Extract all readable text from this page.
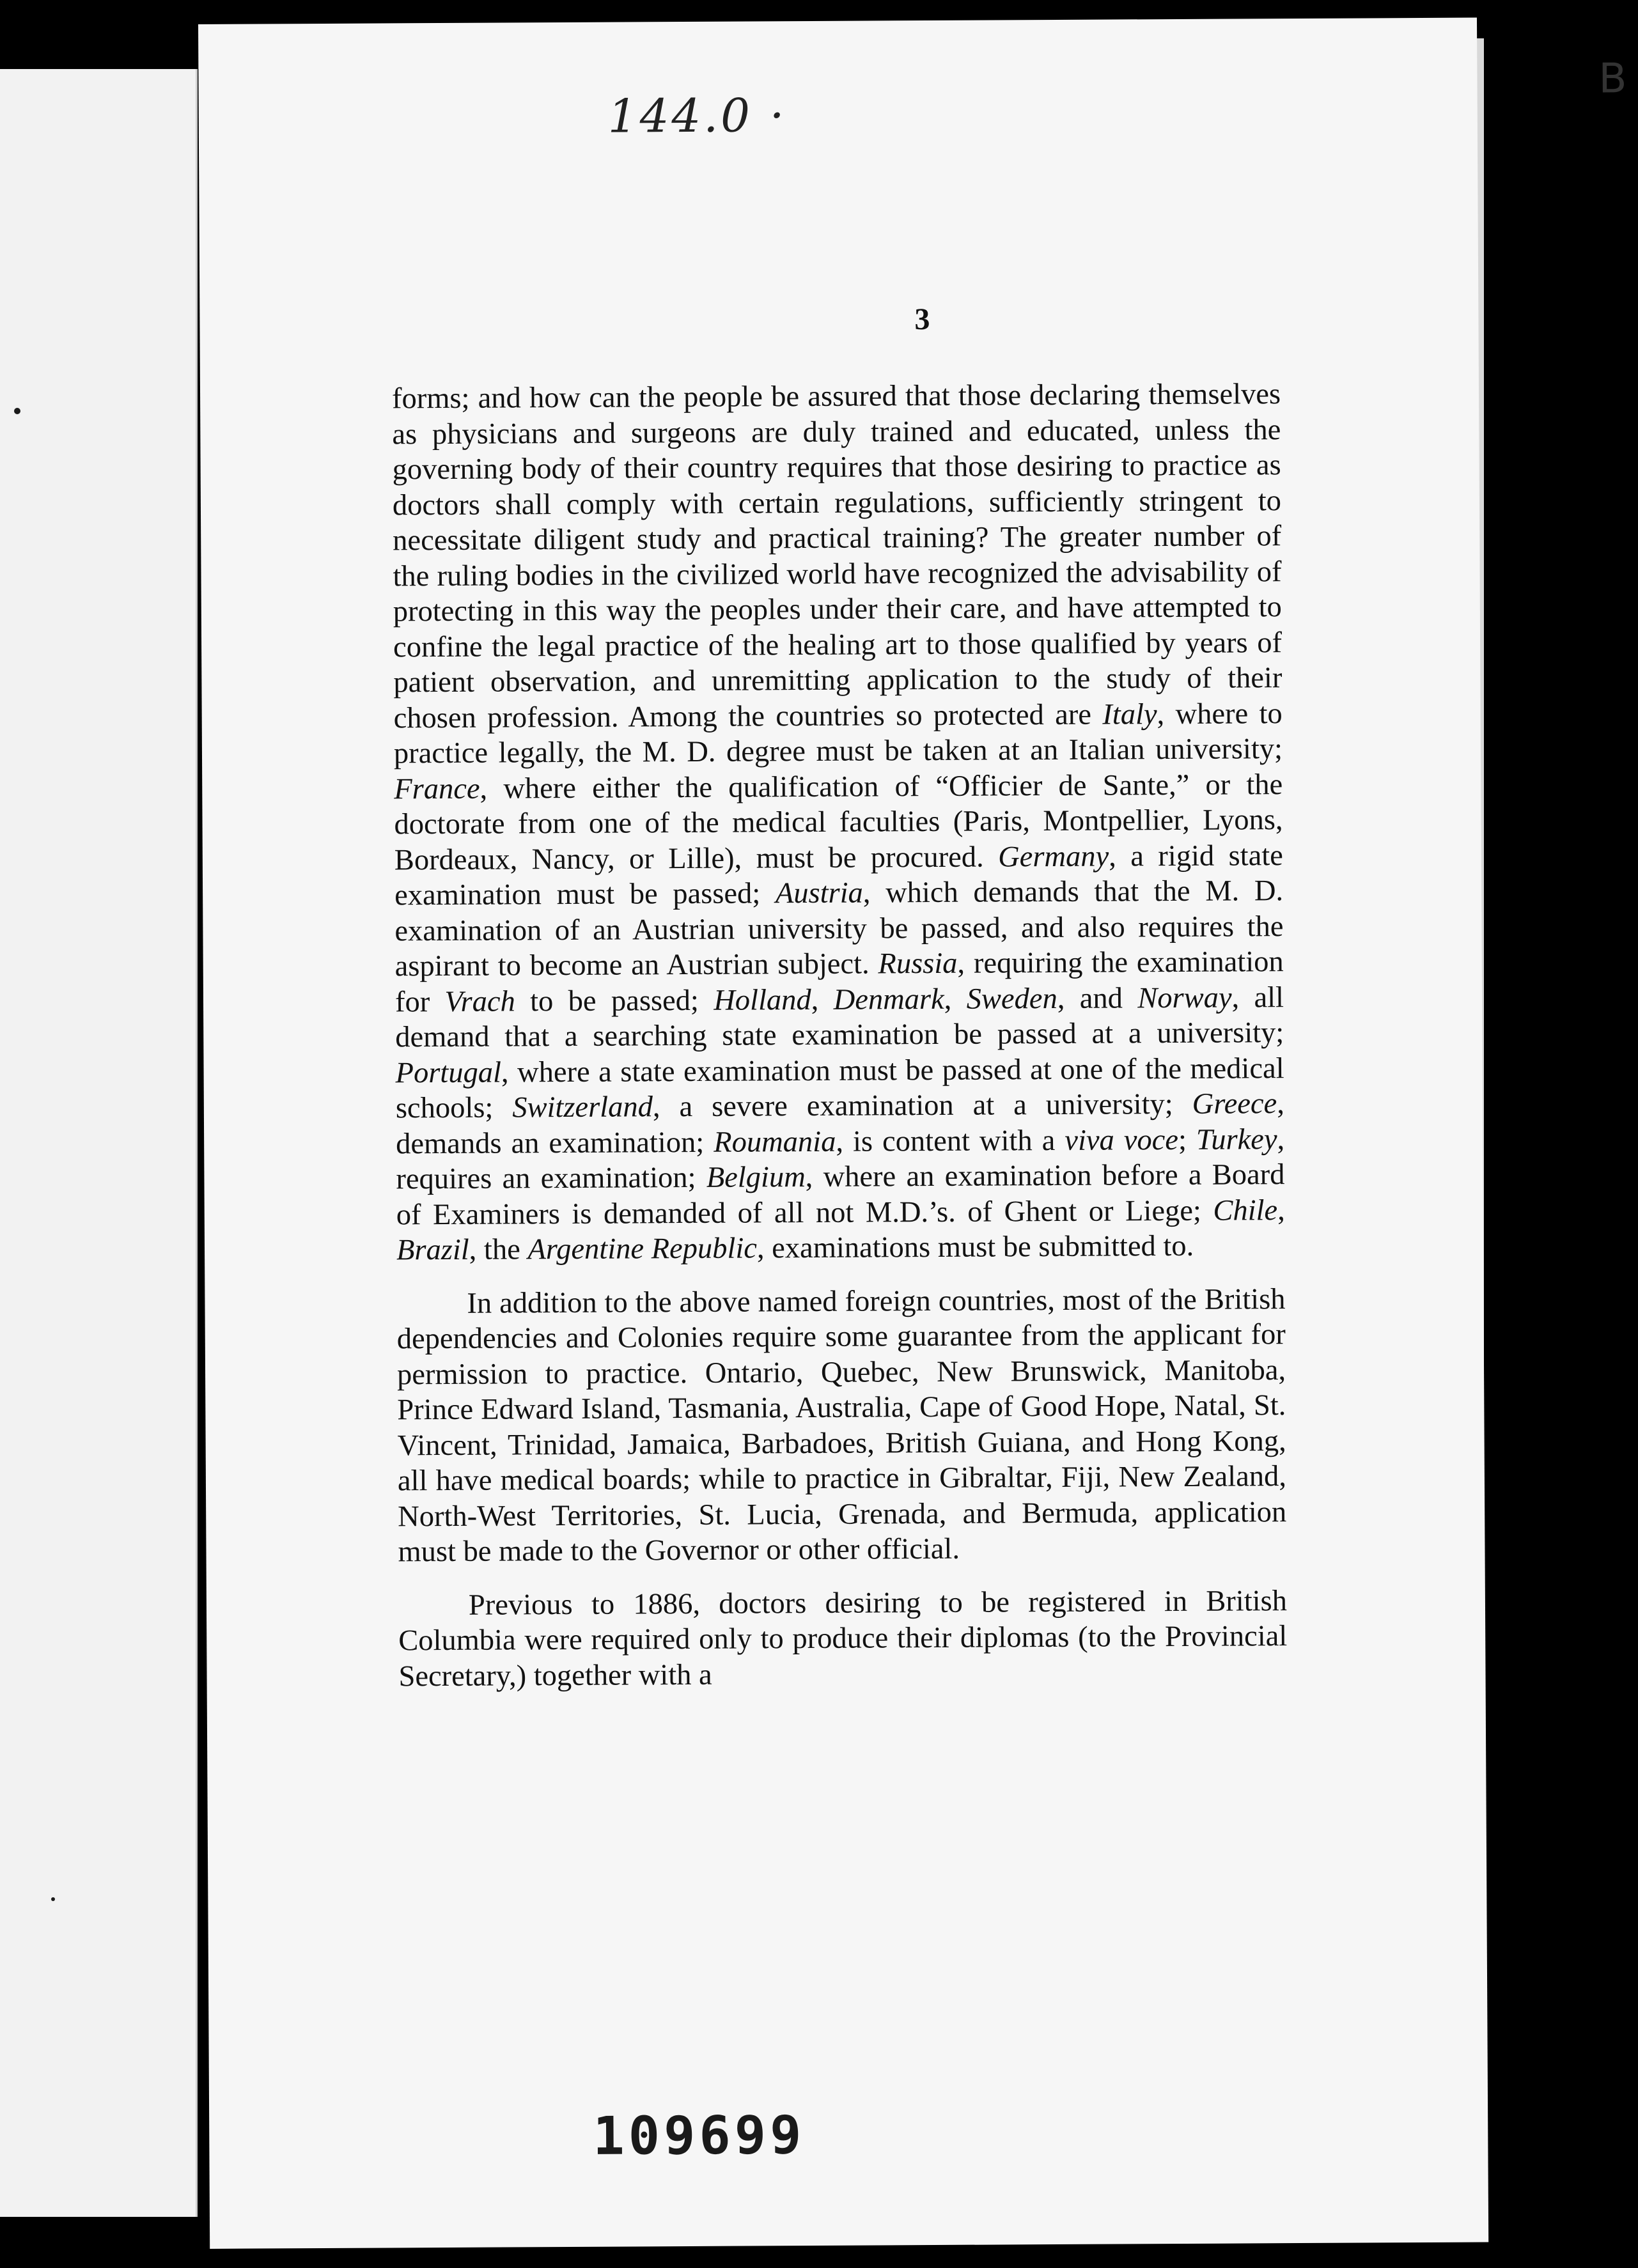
144.0 ·
B
3

forms; and how can the people be assured that those declaring themselves as physicians and surgeons are duly trained and educated, unless the governing body of their country requires that those desiring to practice as doctors shall comply with certain regulations, sufficiently stringent to necessitate diligent study and practical training? The greater number of the ruling bodies in the civilized world have recognized the advisability of protecting in this way the peoples under their care, and have attempted to confine the legal practice of the healing art to those qualified by years of patient observation, and unremitting application to the study of their chosen profession. Among the countries so protected are Italy, where to practice legally, the M. D. degree must be taken at an Italian university; France, where either the qualification of “Officier de Sante,” or the doctorate from one of the medical faculties (Paris, Montpellier, Lyons, Bordeaux, Nancy, or Lille), must be procured. Germany, a rigid state examination must be passed; Austria, which demands that the M. D. examination of an Austrian university be passed, and also requires the aspirant to become an Austrian subject. Russia, requiring the examination for Vrach to be passed; Holland, Denmark, Sweden, and Norway, all demand that a searching state examination be passed at a university; Portugal, where a state examination must be passed at one of the medical schools; Switzerland, a severe examination at a university; Greece, demands an examination; Roumania, is content with a viva voce; Turkey, requires an examination; Belgium, where an examination before a Board of Examiners is demanded of all not M.D.’s. of Ghent or Liege; Chile, Brazil, the Argentine Republic, examinations must be submitted to.

In addition to the above named foreign countries, most of the British dependencies and Colonies require some guarantee from the applicant for permission to practice. Ontario, Quebec, New Brunswick, Manitoba, Prince Edward Island, Tasmania, Australia, Cape of Good Hope, Natal, St. Vincent, Trinidad, Jamaica, Barbadoes, British Guiana, and Hong Kong, all have medical boards; while to practice in Gibraltar, Fiji, New Zealand, North-West Territories, St. Lucia, Grenada, and Bermuda, application must be made to the Governor or other official.

Previous to 1886, doctors desiring to be registered in British Columbia were required only to produce their diplomas (to the Provincial Secretary,) together with a

109699
